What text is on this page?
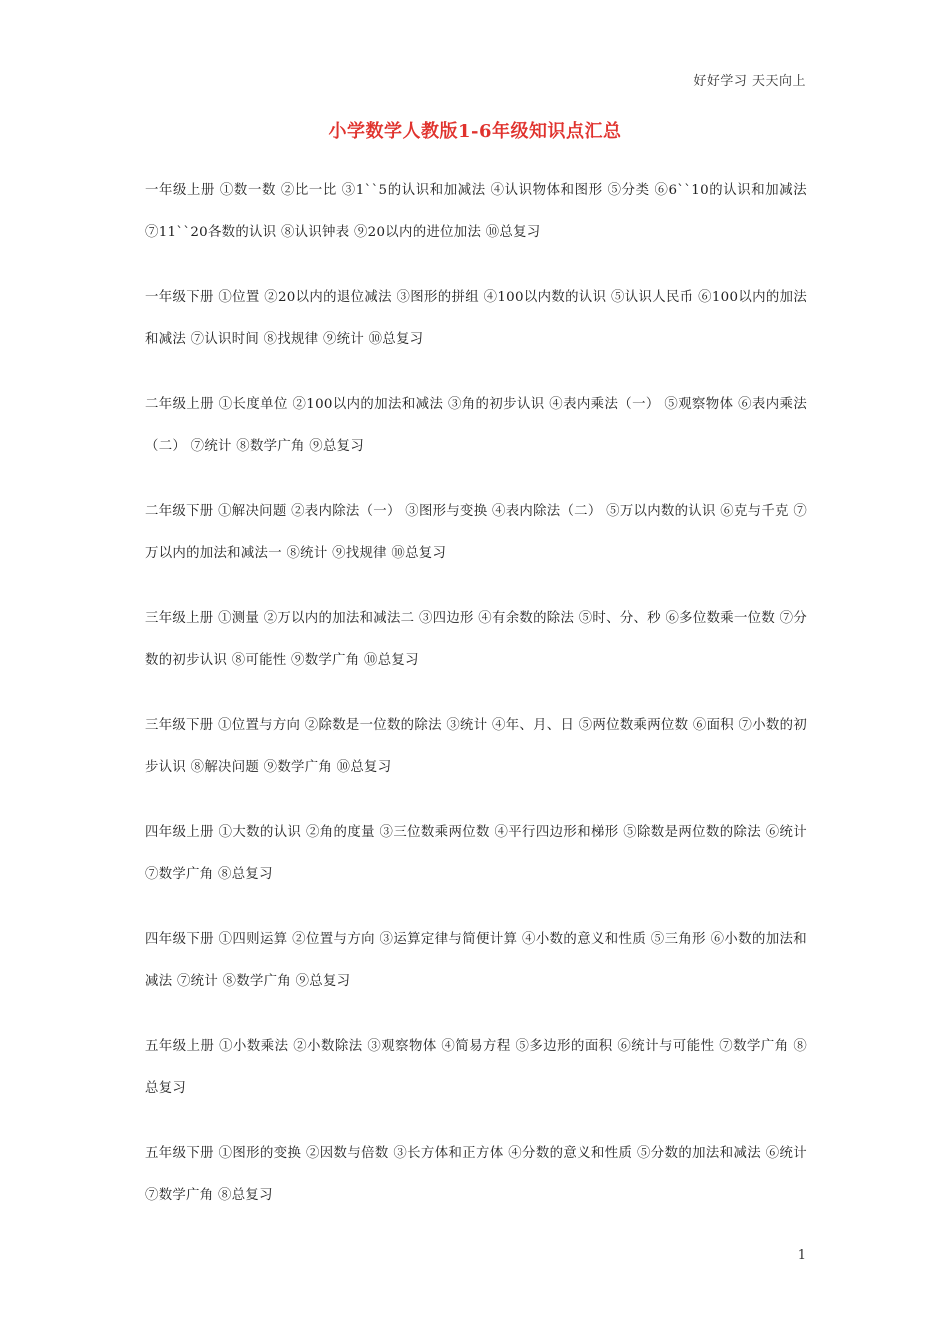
好好学习 天天向上
小学数学人教版1-6年级知识点汇总
一年级上册 ①数一数 ②比一比 ③1``5的认识和加减法 ④认识物体和图形 ⑤分类 ⑥6``10的认识和加减法 ⑦11``20各数的认识 ⑧认识钟表 ⑨20以内的进位加法 ⑩总复习
一年级下册 ①位置 ②20以内的退位减法 ③图形的拼组 ④100以内数的认识 ⑤认识人民币 ⑥100以内的加法和减法 ⑦认识时间 ⑧找规律 ⑨统计 ⑩总复习
二年级上册 ①长度单位 ②100以内的加法和减法 ③角的初步认识 ④表内乘法（一） ⑤观察物体 ⑥表内乘法（二） ⑦统计 ⑧数学广角 ⑨总复习
二年级下册 ①解决问题 ②表内除法（一） ③图形与变换 ④表内除法（二） ⑤万以内数的认识 ⑥克与千克 ⑦万以内的加法和减法一 ⑧统计 ⑨找规律 ⑩总复习
三年级上册 ①测量 ②万以内的加法和减法二 ③四边形 ④有余数的除法 ⑤时、分、秒 ⑥多位数乘一位数 ⑦分数的初步认识 ⑧可能性 ⑨数学广角 ⑩总复习
三年级下册 ①位置与方向 ②除数是一位数的除法 ③统计 ④年、月、日 ⑤两位数乘两位数 ⑥面积 ⑦小数的初步认识 ⑧解决问题 ⑨数学广角 ⑩总复习
四年级上册 ①大数的认识 ②角的度量 ③三位数乘两位数 ④平行四边形和梯形 ⑤除数是两位数的除法 ⑥统计 ⑦数学广角 ⑧总复习
四年级下册 ①四则运算 ②位置与方向 ③运算定律与简便计算 ④小数的意义和性质 ⑤三角形 ⑥小数的加法和减法 ⑦统计 ⑧数学广角 ⑨总复习
五年级上册 ①小数乘法 ②小数除法 ③观察物体 ④简易方程 ⑤多边形的面积 ⑥统计与可能性 ⑦数学广角 ⑧总复习
五年级下册 ①图形的变换 ②因数与倍数 ③长方体和正方体 ④分数的意义和性质 ⑤分数的加法和减法 ⑥统计 ⑦数学广角 ⑧总复习
1
